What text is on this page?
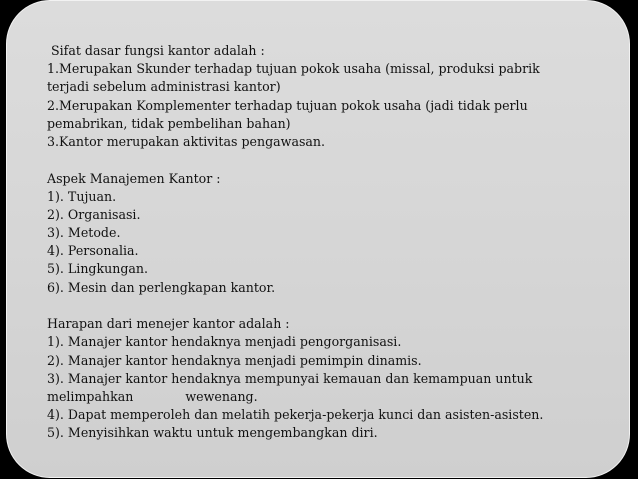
Sifat dasar fungsi kantor adalah :
1.Merupakan Skunder terhadap tujuan pokok usaha (missal, produksi pabrik
terjadi sebelum administrasi kantor)
2.Merupakan Komplementer terhadap tujuan pokok usaha (jadi tidak perlu
pemabrikan, tidak pembelihan bahan)
3.Kantor merupakan aktivitas pengawasan.
Aspek Manajemen Kantor :
1). Tujuan.
2). Organisasi.
3). Metode.
4). Personalia.
5). Lingkungan.
6). Mesin dan perlengkapan kantor.
Harapan dari menejer kantor adalah :
1). Manajer kantor hendaknya menjadi pengorganisasi.
2). Manajer kantor hendaknya menjadi pemimpin dinamis.
3). Manajer kantor hendaknya mempunyai kemauan dan kemampuan untuk
melimpahkan             wewenang.
4). Dapat memperoleh dan melatih pekerja-pekerja kunci dan asisten-asisten.
5). Menyisihkan waktu untuk mengembangkan diri.
